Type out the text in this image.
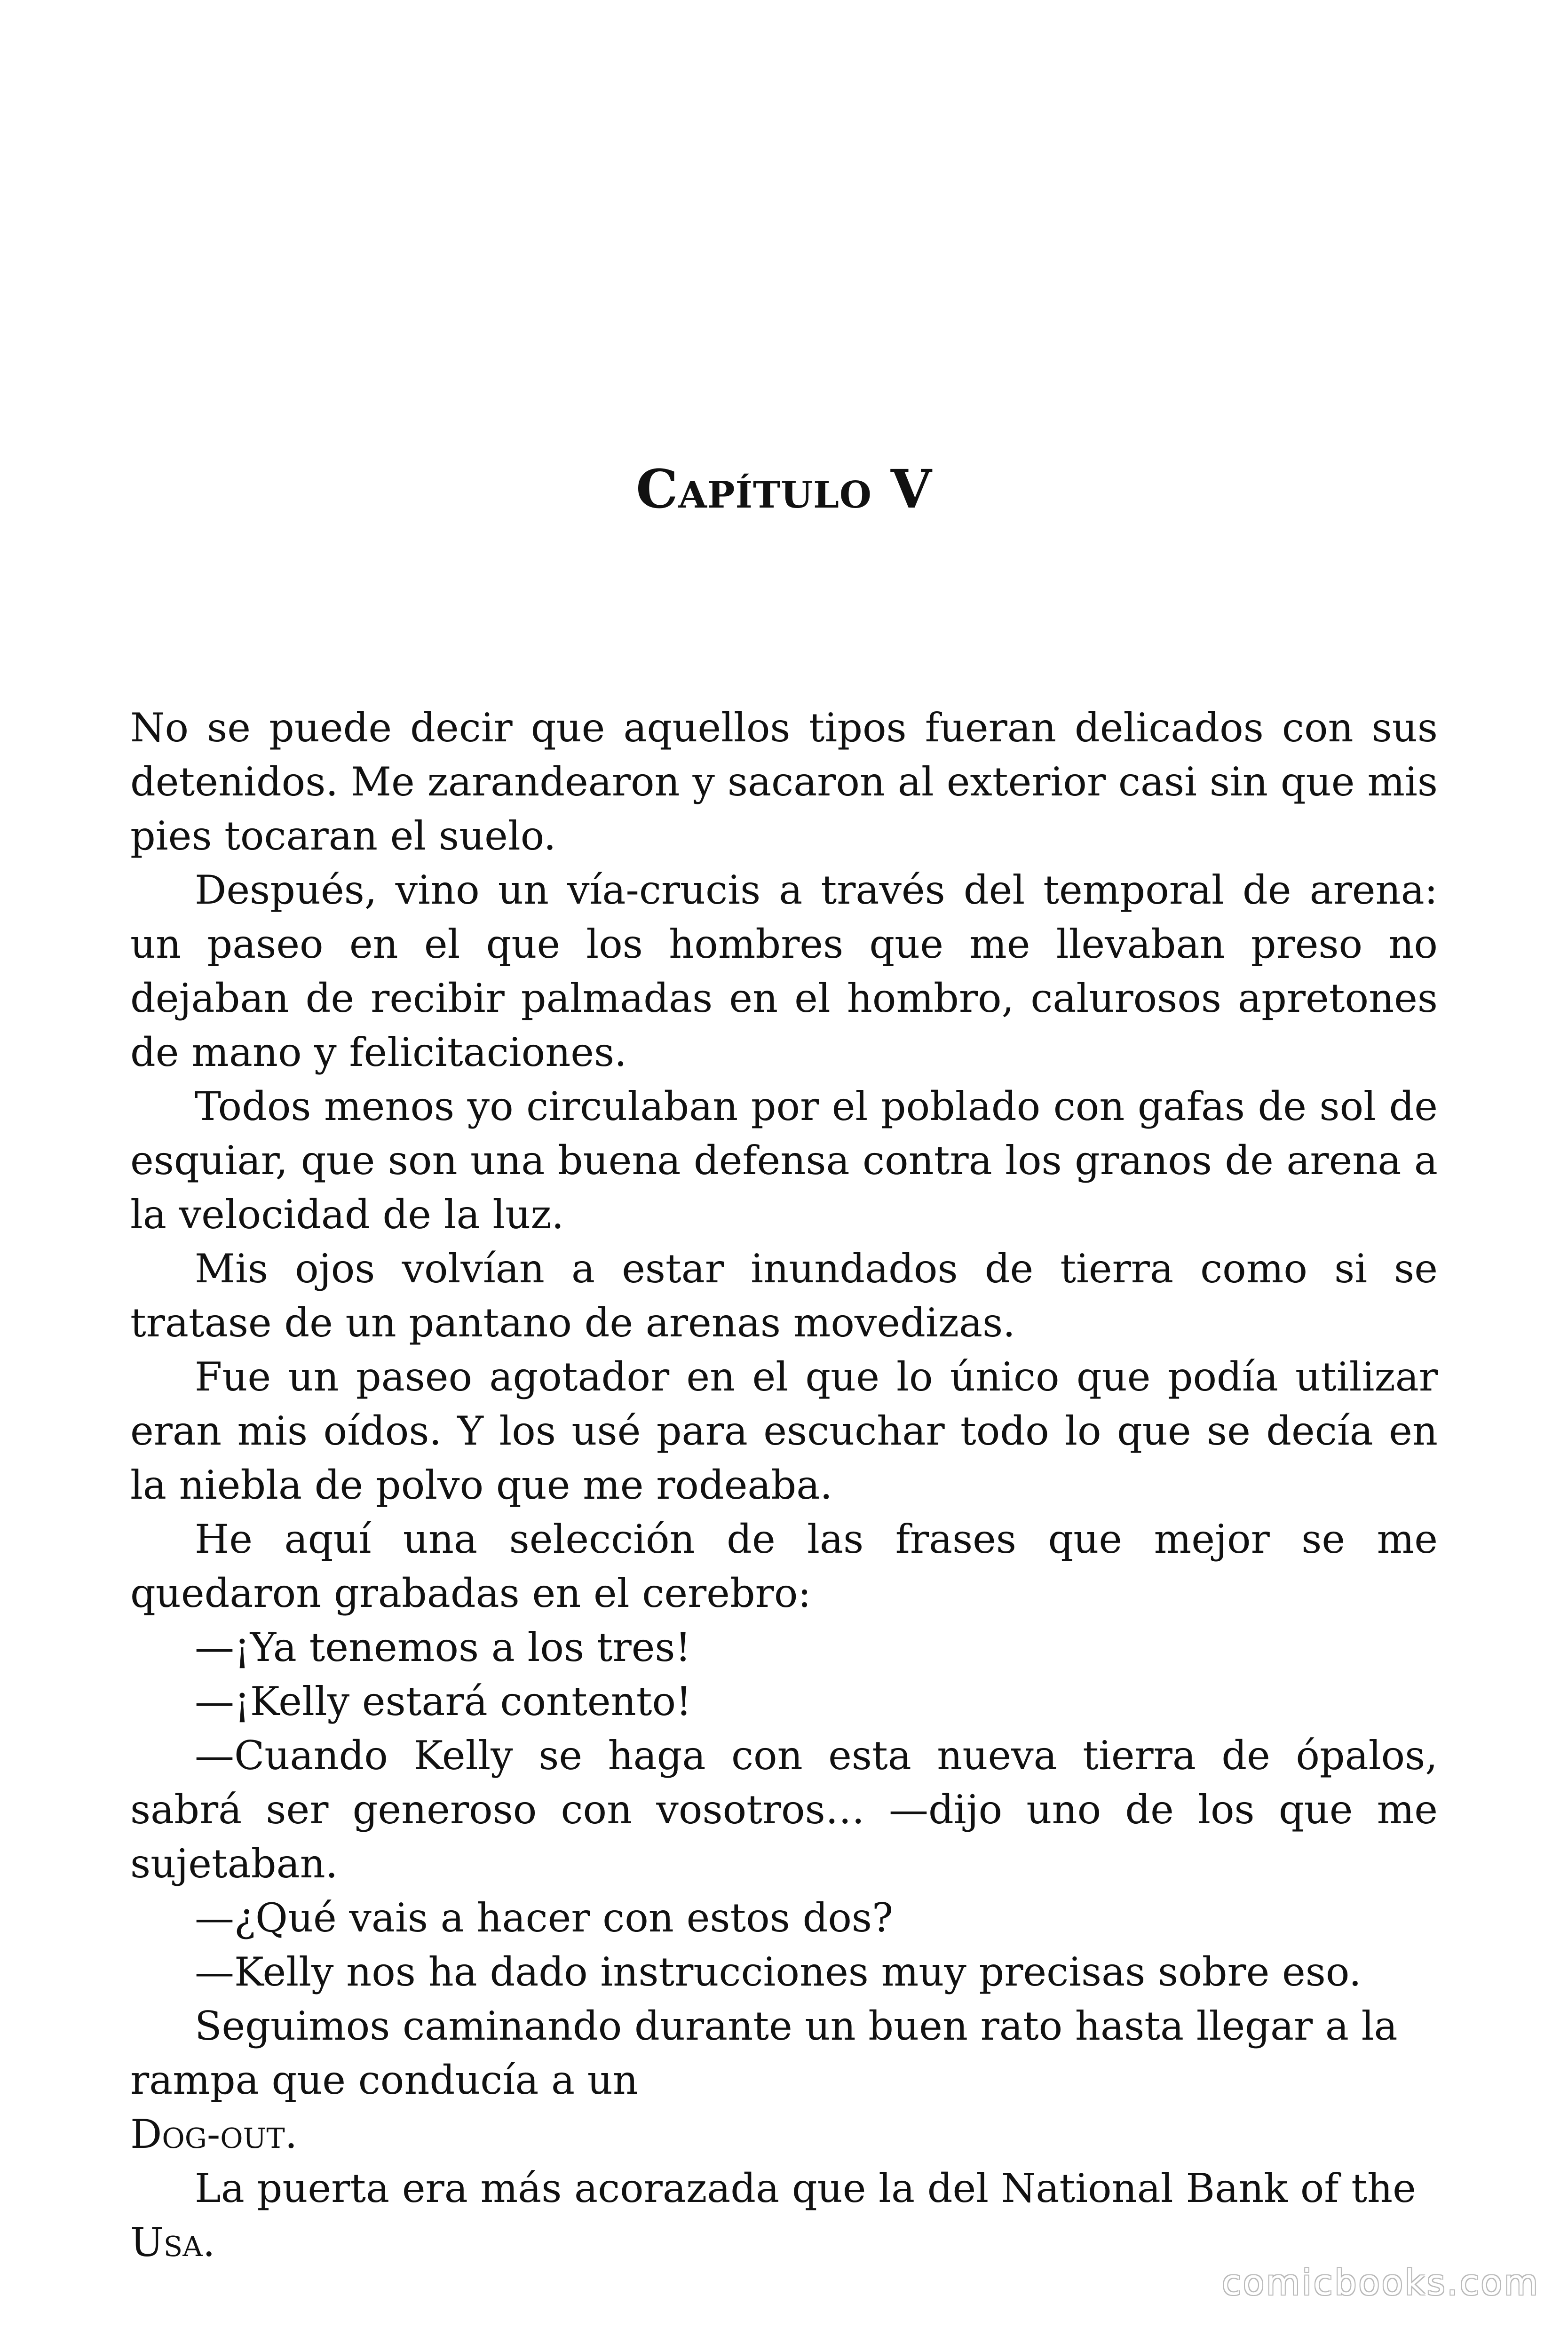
Capítulo V

No se puede decir que aquellos tipos fueran delicados con sus detenidos. Me zarandearon y sacaron al exterior casi sin que mis pies tocaran el suelo.

Después, vino un vía-crucis a través del temporal de arena: un paseo en el que los hombres que me llevaban preso no dejaban de recibir palmadas en el hombro, calurosos apretones de mano y felicitaciones.

Todos menos yo circulaban por el poblado con gafas de sol de esquiar, que son una buena defensa contra los granos de arena a la velocidad de la luz.

Mis ojos volvían a estar inundados de tierra como si se tratase de un pantano de arenas movedizas.

Fue un paseo agotador en el que lo único que podía utilizar eran mis oídos. Y los usé para escuchar todo lo que se decía en la niebla de polvo que me rodeaba.

He aquí una selección de las frases que mejor se me quedaron grabadas en el cerebro:

—¡Ya tenemos a los tres!

—¡Kelly estará contento!

—Cuando Kelly se haga con esta nueva tierra de ópalos, sabrá ser generoso con vosotros… —dijo uno de los que me sujetaban.

—¿Qué vais a hacer con estos dos?

—Kelly nos ha dado instrucciones muy precisas sobre eso.

Seguimos caminando durante un buen rato hasta llegar a la rampa que conducía a un

Dog-out.

La puerta era más acorazada que la del National Bank of the

Usa.

comicbooks.com
